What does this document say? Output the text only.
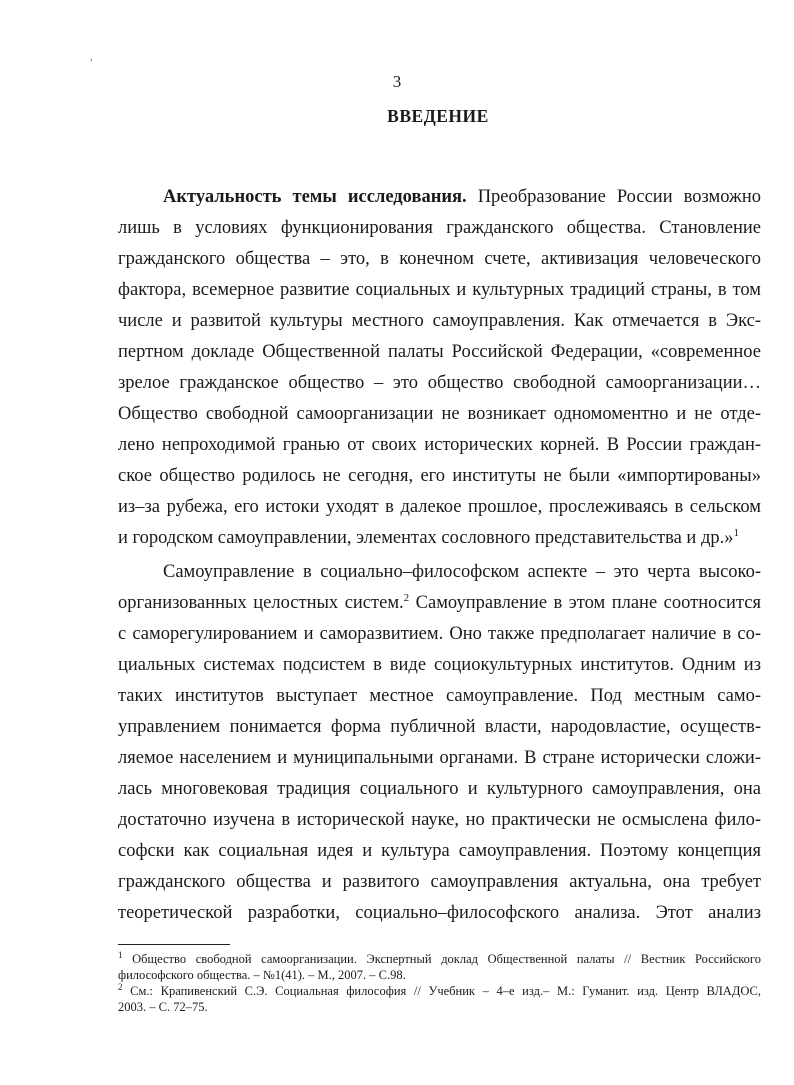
,
3
ВВЕДЕНИЕ
Актуальность темы исследования. Преобразование России возможно
лишь в условиях функционирования гражданского общества. Становление
гражданского общества – это, в конечном счете, активизация человеческого
фактора, всемерное развитие социальных и культурных традиций страны, в том
числе и развитой культуры местного самоуправления. Как отмечается в Экс-
пертном докладе Общественной палаты Российской Федерации, «современное
зрелое гражданское общество – это общество свободной самоорганизации…
Общество свободной самоорганизации не возникает одномоментно и не отде-
лено непроходимой гранью от своих исторических корней. В России граждан-
ское общество родилось не сегодня, его институты не были «импортированы»
из–за рубежа, его истоки уходят в далекое прошлое, прослеживаясь в сельском
и городском самоуправлении, элементах сословного представительства и др.»$^1$
Самоуправление в социально–философском аспекте – это черта высоко-
организованных целостных систем.$^2$ Самоуправление в этом плане соотносится
с саморегулированием и саморазвитием. Оно также предполагает наличие в со-
циальных системах подсистем в виде социокультурных институтов. Одним из
таких институтов выступает местное самоуправление. Под местным само-
управлением понимается форма публичной власти, народовластие, осуществ-
ляемое населением и муниципальными органами. В стране исторически сложи-
лась многовековая традиция социального и культурного самоуправления, она
достаточно изучена в исторической науке, но практически не осмыслена фило-
софски как социальная идея и культура самоуправления. Поэтому концепция
гражданского общества и развитого самоуправления актуальна, она требует
теоретической разработки, социально–философского анализа. Этот анализ
$^1$ Общество свободной самоорганизации. Экспертный доклад Общественной палаты // Вестник Российского
философского общества. – №1(41). – М., 2007. – С.98.
$^2$ См.: Крапивенский С.Э. Социальная философия // Учебник – 4–е изд.– М.: Гуманит. изд. Центр ВЛАДОС,
2003. – С. 72–75.
